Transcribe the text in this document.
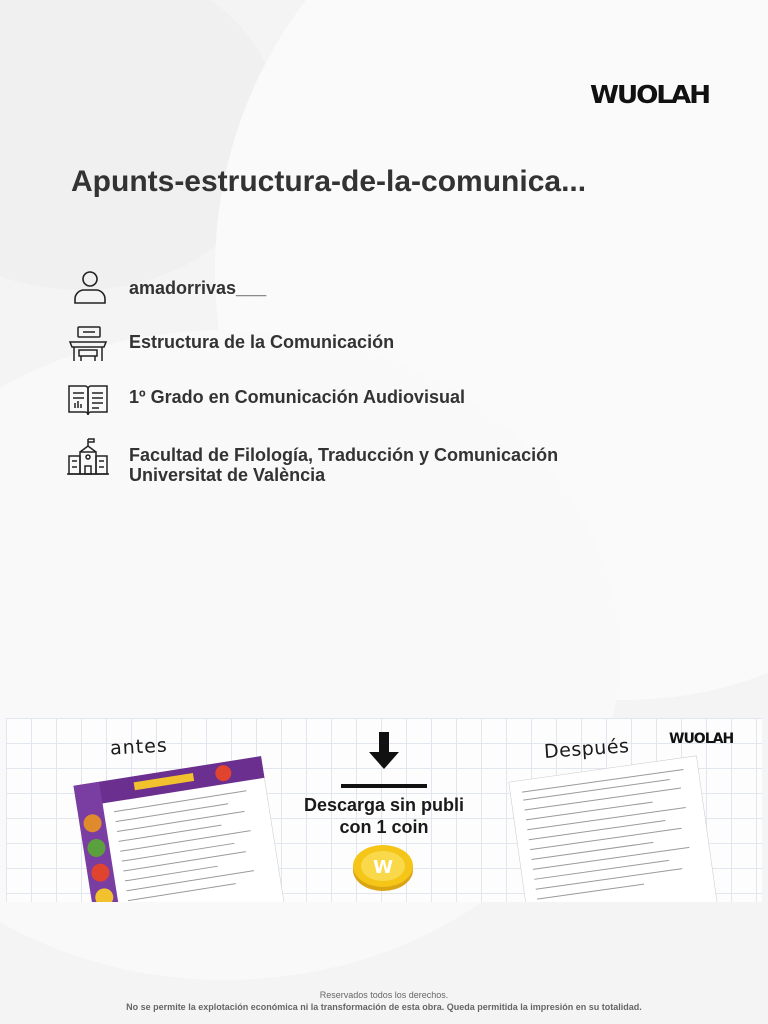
WUOLAH
Apunts-estructura-de-la-comunica...
amadorrivas___
Estructura de la Comunicación
1º Grado en Comunicación Audiovisual
Facultad de Filología, Traducción y Comunicación
Universitat de València
antes
Descarga sin publi
con 1 coin
W
Después	WUOLAH
Reservados todos los derechos.
No se permite la explotación económica ni la transformación de esta obra. Queda permitida la impresión en su totalidad.
